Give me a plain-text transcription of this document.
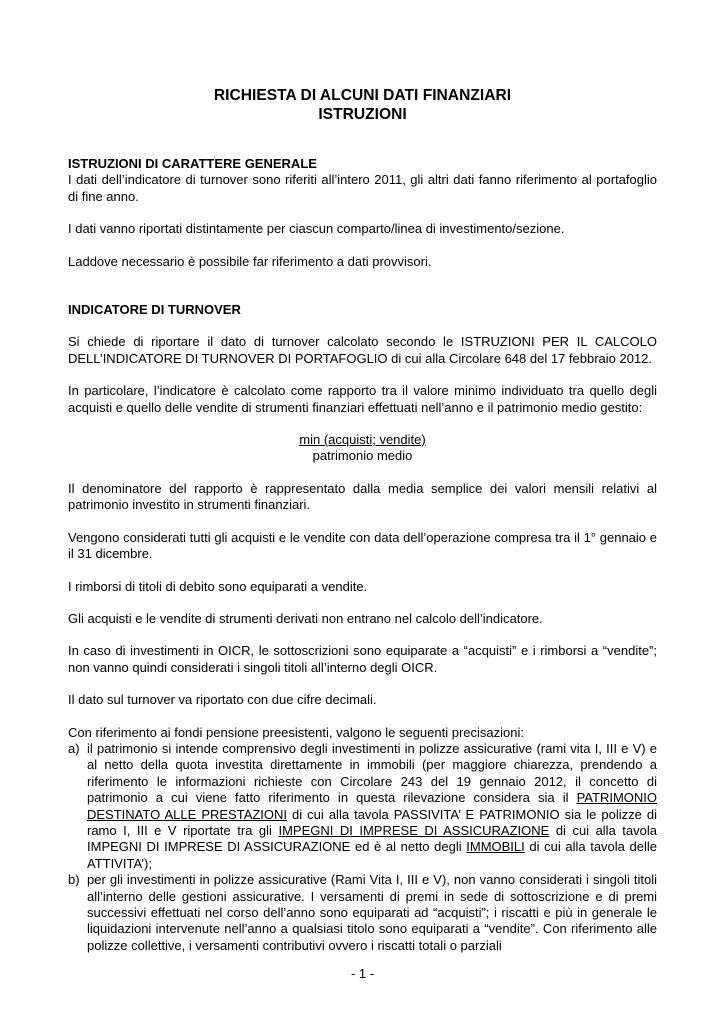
RICHIESTA DI ALCUNI DATI FINANZIARI

ISTRUZIONI

ISTRUZIONI DI CARATTERE GENERALE

I dati dell’indicatore di turnover sono riferiti all’intero 2011, gli altri dati fanno riferimento al portafoglio di fine anno.

I dati vanno riportati distintamente per ciascun comparto/linea di investimento/sezione.

Laddove necessario è possibile far riferimento a dati provvisori.

INDICATORE DI TURNOVER

Si chiede di riportare il dato di turnover calcolato secondo le ISTRUZIONI PER IL CALCOLO DELL’INDICATORE DI TURNOVER DI PORTAFOGLIO di cui alla Circolare 648 del 17 febbraio 2012.

In particolare, l’indicatore è calcolato come rapporto tra il valore minimo individuato tra quello degli acquisti e quello delle vendite di strumenti finanziari effettuati nell’anno e il patrimonio medio gestito:

min (acquisti; vendite)
patrimonio medio

Il denominatore del rapporto è rappresentato dalla media semplice dei valori mensili relativi al patrimonio investito in strumenti finanziari.

Vengono considerati tutti gli acquisti e le vendite con data dell’operazione compresa tra il 1° gennaio e il 31 dicembre.

I rimborsi di titoli di debito sono equiparati a vendite.

Gli acquisti e le vendite di strumenti derivati non entrano nel calcolo dell’indicatore.

In caso di investimenti in OICR, le sottoscrizioni sono equiparate a “acquisti” e i rimborsi a “vendite”; non vanno quindi considerati i singoli titoli all’interno degli OICR.

Il dato sul turnover va riportato con due cifre decimali.

Con riferimento ai fondi pensione preesistenti, valgono le seguenti precisazioni:

a) il patrimonio si intende comprensivo degli investimenti in polizze assicurative (rami vita I, III e V) e al netto della quota investita direttamente in immobili (per maggiore chiarezza, prendendo a riferimento le informazioni richieste con Circolare 243 del 19 gennaio 2012, il concetto di patrimonio a cui viene fatto riferimento in questa rilevazione considera sia il PATRIMONIO DESTINATO ALLE PRESTAZIONI di cui alla tavola PASSIVITA’ E PATRIMONIO sia le polizze di ramo I, III e V riportate tra gli IMPEGNI DI IMPRESE DI ASSICURAZIONE di cui alla tavola IMPEGNI DI IMPRESE DI ASSICURAZIONE ed è al netto degli IMMOBILI di cui alla tavola delle ATTIVITA’);
b) per gli investimenti in polizze assicurative (Rami Vita I, III e V), non vanno considerati i singoli titoli all’interno delle gestioni assicurative. I versamenti di premi in sede di sottoscrizione e di premi successivi effettuati nel corso dell’anno sono equiparati ad “acquisti”; i riscatti e più in generale le liquidazioni intervenute nell’anno a qualsiasi titolo sono equiparati a “vendite”. Con riferimento alle polizze collettive, i versamenti contributivi ovvero i riscatti totali o parziali
- 1 -
